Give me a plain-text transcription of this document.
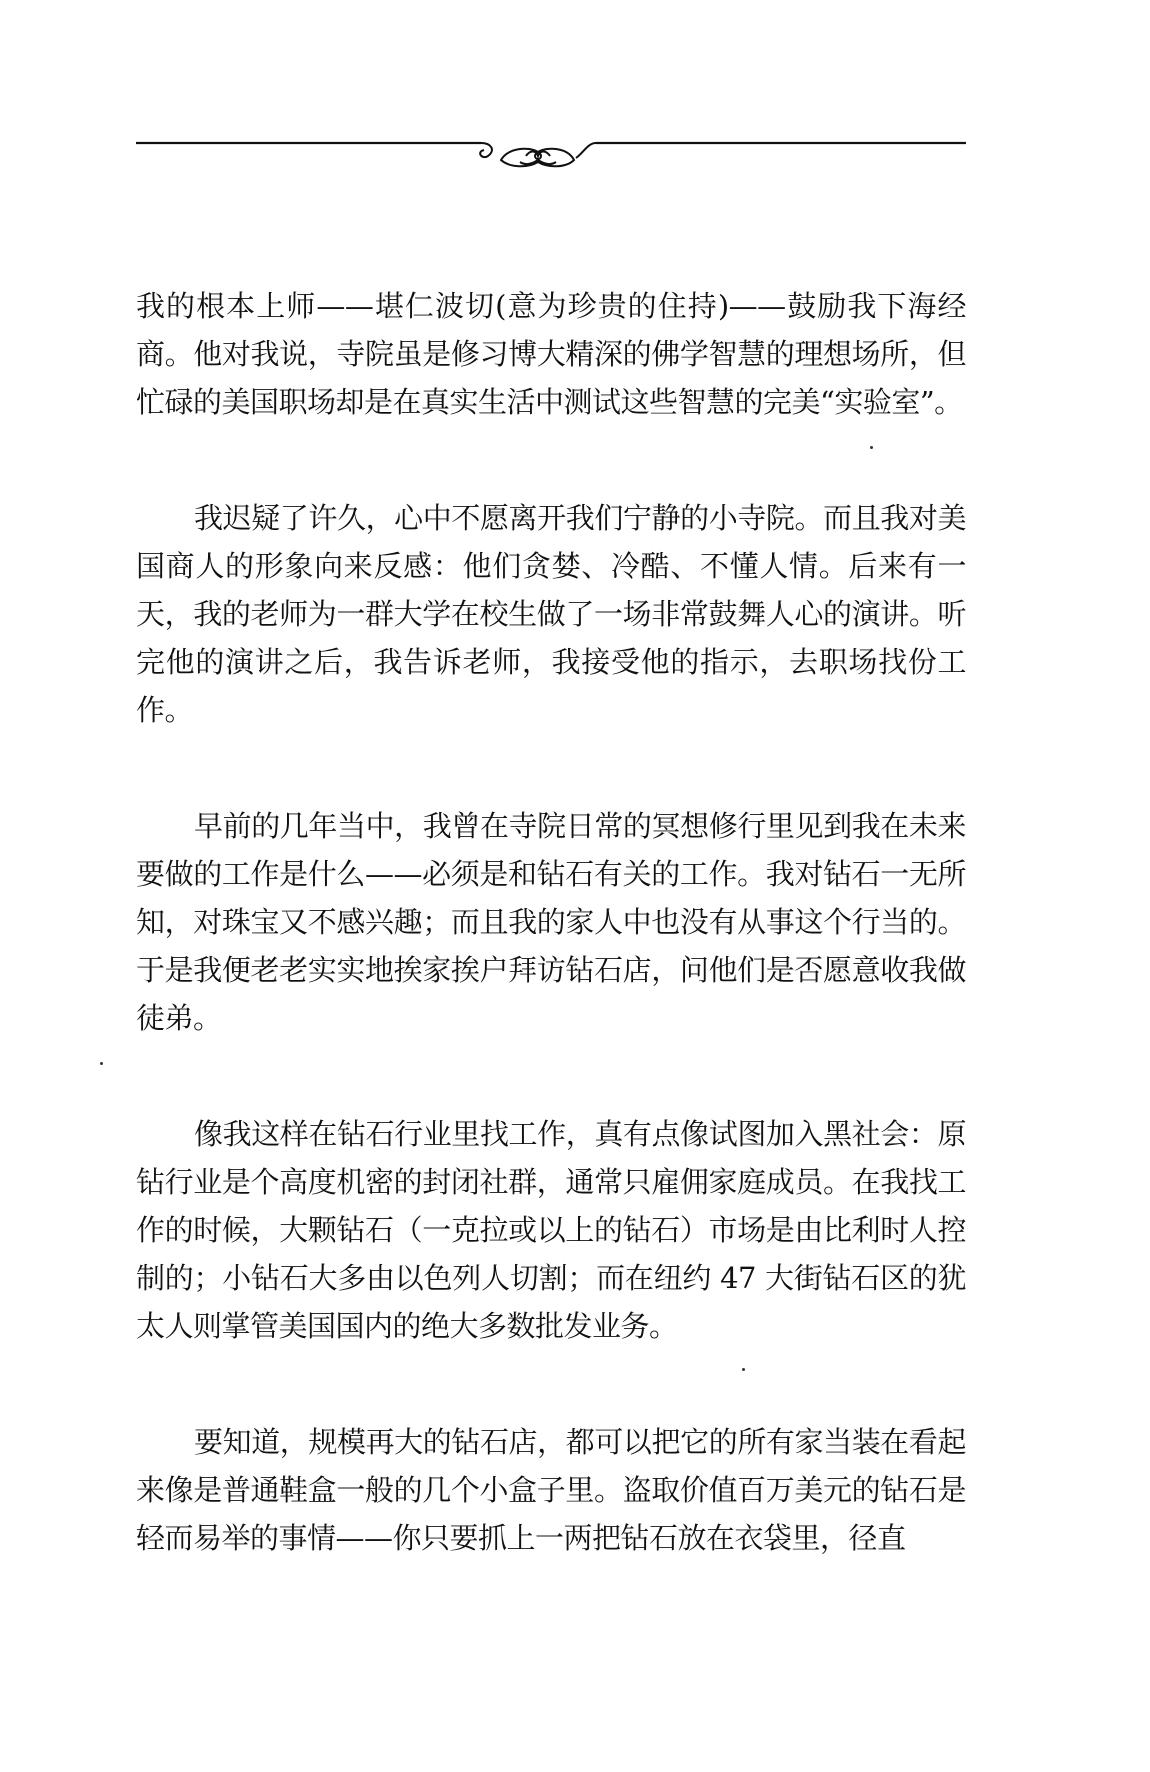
我的根本上师——堪仁波切(意为珍贵的住持)——鼓励我下海经商。他对我说，寺院虽是修习博大精深的佛学智慧的理想场所，但忙碌的美国职场却是在真实生活中测试这些智慧的完美“实验室”。

我迟疑了许久，心中不愿离开我们宁静的小寺院。而且我对美国商人的形象向来反感：他们贪婪、冷酷、不懂人情。后来有一天，我的老师为一群大学在校生做了一场非常鼓舞人心的演讲。听完他的演讲之后，我告诉老师，我接受他的指示，去职场找份工作。

早前的几年当中，我曾在寺院日常的冥想修行里见到我在未来要做的工作是什么——必须是和钻石有关的工作。我对钻石一无所知，对珠宝又不感兴趣；而且我的家人中也没有从事这个行当的。于是我便老老实实地挨家挨户拜访钻石店，问他们是否愿意收我做徒弟。

像我这样在钻石行业里找工作，真有点像试图加入黑社会：原钻行业是个高度机密的封闭社群，通常只雇佣家庭成员。在我找工作的时候，大颗钻石（一克拉或以上的钻石）市场是由比利时人控制的；小钻石大多由以色列人切割；而在纽约 47 大街钻石区的犹太人则掌管美国国内的绝大多数批发业务。

要知道，规模再大的钻石店，都可以把它的所有家当装在看起来像是普通鞋盒一般的几个小盒子里。盗取价值百万美元的钻石是轻而易举的事情——你只要抓上一两把钻石放在衣袋里，径直
